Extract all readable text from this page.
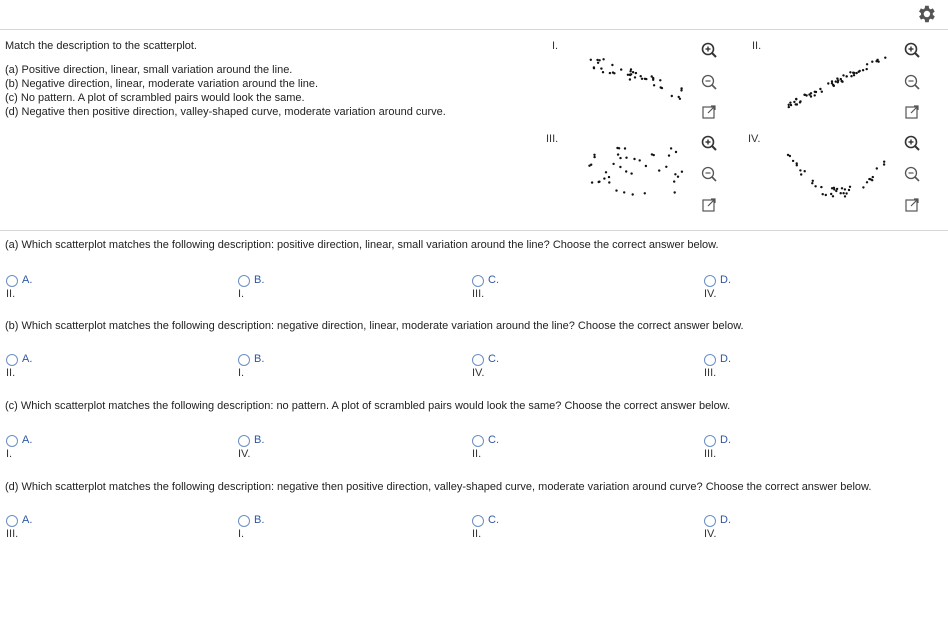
Match the description to the scatterplot.
(a) Positive direction, linear, small variation around the line.
(b) Negative direction, linear, moderate variation around the line.
(c) No pattern. A plot of scrambled pairs would look the same.
(d) Negative then positive direction, valley-shaped curve, moderate variation around curve.
I.	II.
III.	IV.
(a) Which scatterplot matches the following description: positive direction, linear, small variation around the line? Choose the correct answer below.
A.
II.
B.
I.
C.
III.
D.
IV.
(b) Which scatterplot matches the following description: negative direction, linear, moderate variation around the line? Choose the correct answer below.
A.
II.
B.
I.
C.
IV.
D.
III.
(c) Which scatterplot matches the following description: no pattern. A plot of scrambled pairs would look the same? Choose the correct answer below.
A.
I.
B.
IV.
C.
II.
D.
III.
(d) Which scatterplot matches the following description: negative then positive direction, valley-shaped curve, moderate variation around curve? Choose the correct answer below.
A.
III.
B.
I.
C.
II.
D.
IV.
